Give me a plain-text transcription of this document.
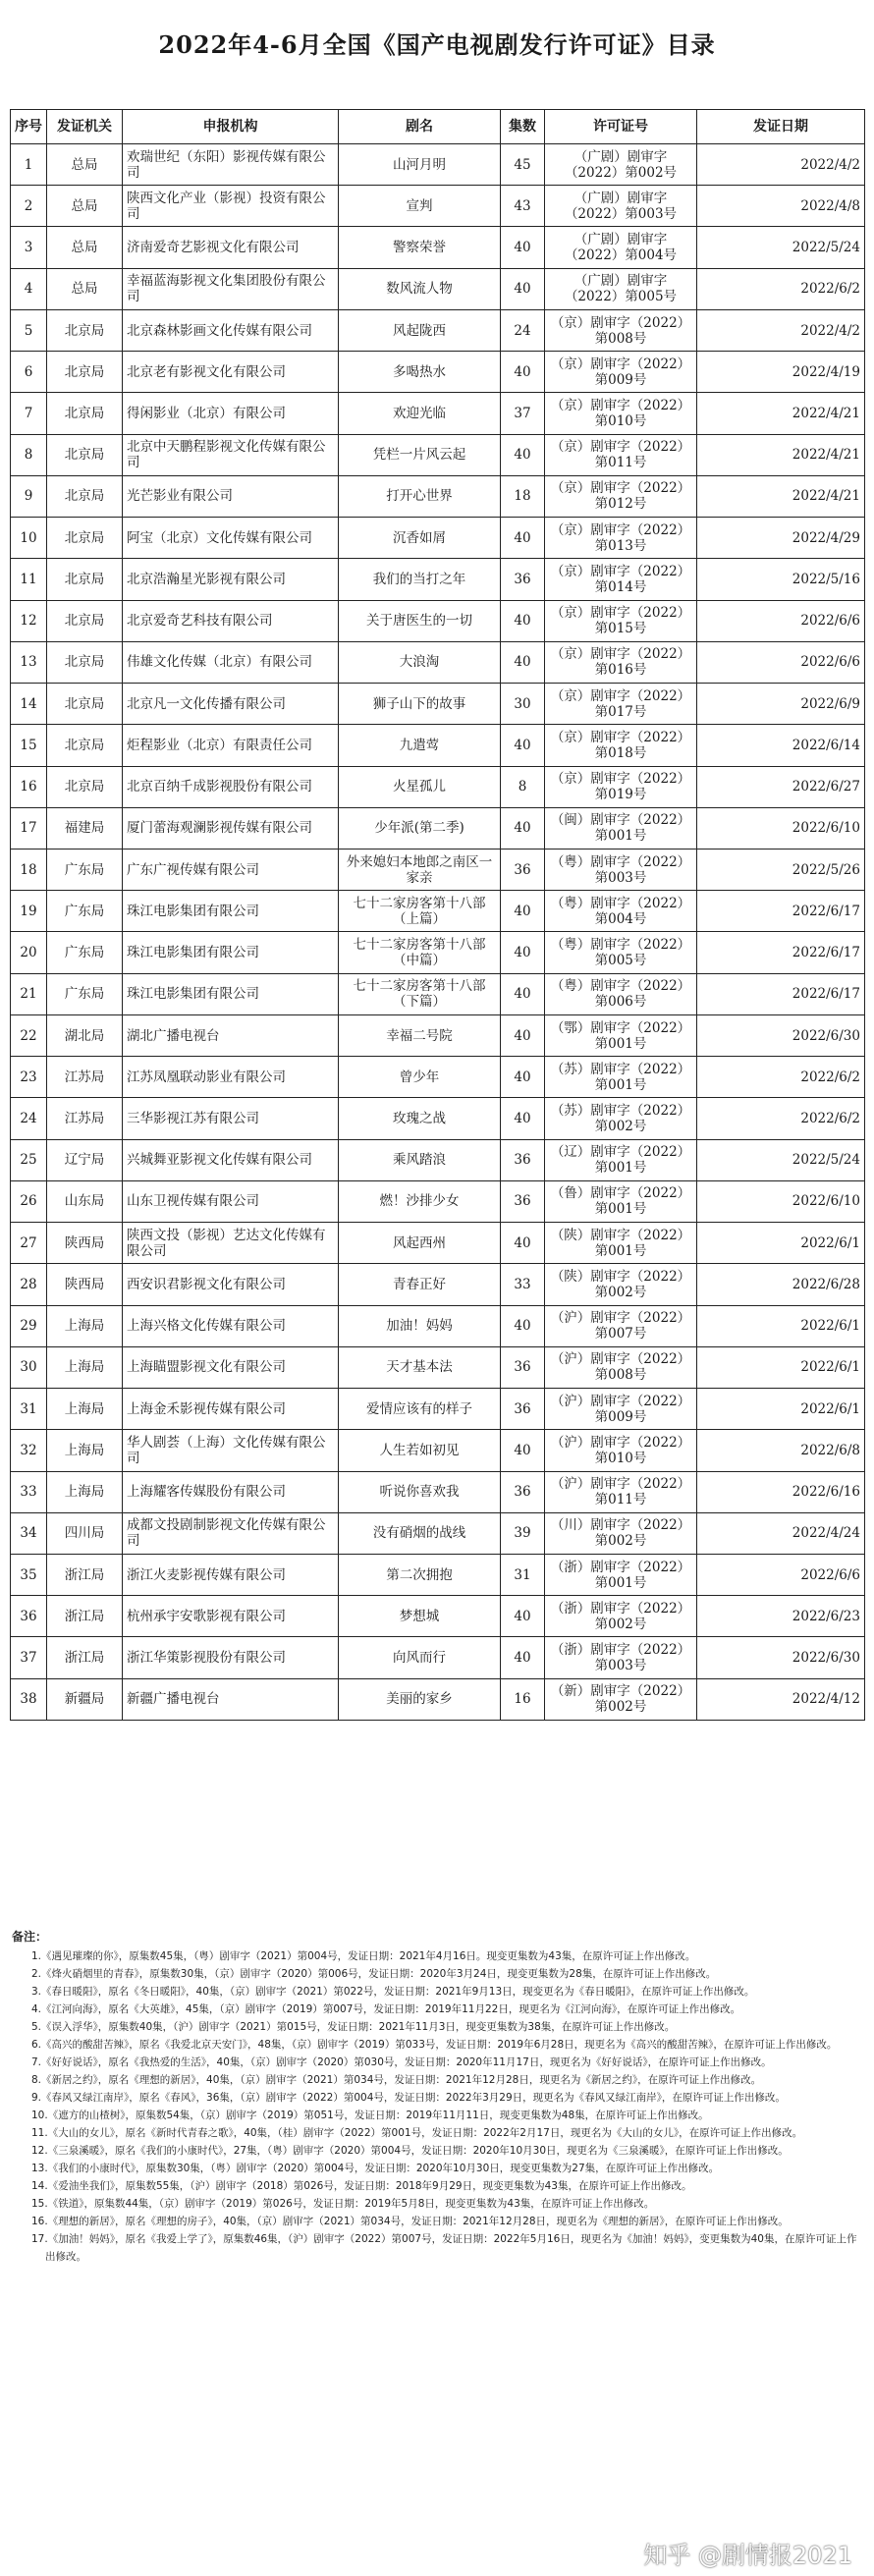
2022年4-6月全国《国产电视剧发行许可证》目录
序号	发证机关	申报机构	剧名	集数	许可证号	发证日期
1	总局	欢瑞世纪（东阳）影视传媒有限公司	山河月明	45	（广剧）剧审字（2022）第002号	2022/4/2
2	总局	陕西文化产业（影视）投资有限公司	宣判	43	（广剧）剧审字（2022）第003号	2022/4/8
3	总局	济南爱奇艺影视文化有限公司	警察荣誉	40	（广剧）剧审字（2022）第004号	2022/5/24
4	总局	幸福蓝海影视文化集团股份有限公司	数风流人物	40	（广剧）剧审字（2022）第005号	2022/6/2
5	北京局	北京森林影画文化传媒有限公司	风起陇西	24	（京）剧审字（2022）第008号	2022/4/2
6	北京局	北京老有影视文化有限公司	多喝热水	40	（京）剧审字（2022）第009号	2022/4/19
7	北京局	得闲影业（北京）有限公司	欢迎光临	37	（京）剧审字（2022）第010号	2022/4/21
8	北京局	北京中天鹏程影视文化传媒有限公司	凭栏一片风云起	40	（京）剧审字（2022）第011号	2022/4/21
9	北京局	光芒影业有限公司	打开心世界	18	（京）剧审字（2022）第012号	2022/4/21
10	北京局	阿宝（北京）文化传媒有限公司	沉香如屑	40	（京）剧审字（2022）第013号	2022/4/29
11	北京局	北京浩瀚星光影视有限公司	我们的当打之年	36	（京）剧审字（2022）第014号	2022/5/16
12	北京局	北京爱奇艺科技有限公司	关于唐医生的一切	40	（京）剧审字（2022）第015号	2022/6/6
13	北京局	伟雄文化传媒（北京）有限公司	大浪淘	40	（京）剧审字（2022）第016号	2022/6/6
14	北京局	北京凡一文化传播有限公司	狮子山下的故事	30	（京）剧审字（2022）第017号	2022/6/9
15	北京局	炬程影业（北京）有限责任公司	九遣莺	40	（京）剧审字（2022）第018号	2022/6/14
16	北京局	北京百纳千成影视股份有限公司	火星孤儿	8	（京）剧审字（2022）第019号	2022/6/27
17	福建局	厦门蕾海观澜影视传媒有限公司	少年派(第二季)	40	（闽）剧审字（2022）第001号	2022/6/10
18	广东局	广东广视传媒有限公司	外来媳妇本地郎之南区一家亲	36	（粤）剧审字（2022）第003号	2022/5/26
19	广东局	珠江电影集团有限公司	七十二家房客第十八部（上篇）	40	（粤）剧审字（2022）第004号	2022/6/17
20	广东局	珠江电影集团有限公司	七十二家房客第十八部（中篇）	40	（粤）剧审字（2022）第005号	2022/6/17
21	广东局	珠江电影集团有限公司	七十二家房客第十八部（下篇）	40	（粤）剧审字（2022）第006号	2022/6/17
22	湖北局	湖北广播电视台	幸福二号院	40	（鄂）剧审字（2022）第001号	2022/6/30
23	江苏局	江苏凤凰联动影业有限公司	曾少年	40	（苏）剧审字（2022）第001号	2022/6/2
24	江苏局	三华影视江苏有限公司	玫瑰之战	40	（苏）剧审字（2022）第002号	2022/6/2
25	辽宁局	兴城舞亚影视文化传媒有限公司	乘风踏浪	36	（辽）剧审字（2022）第001号	2022/5/24
26	山东局	山东卫视传媒有限公司	燃！沙排少女	36	（鲁）剧审字（2022）第001号	2022/6/10
27	陕西局	陕西文投（影视）艺达文化传媒有限公司	风起西州	40	（陕）剧审字（2022）第001号	2022/6/1
28	陕西局	西安识君影视文化有限公司	青春正好	33	（陕）剧审字（2022）第002号	2022/6/28
29	上海局	上海兴格文化传媒有限公司	加油！妈妈	40	（沪）剧审字（2022）第007号	2022/6/1
30	上海局	上海瞄盟影视文化有限公司	天才基本法	36	（沪）剧审字（2022）第008号	2022/6/1
31	上海局	上海金禾影视传媒有限公司	爱情应该有的样子	36	（沪）剧审字（2022）第009号	2022/6/1
32	上海局	华人剧荟（上海）文化传媒有限公司	人生若如初见	40	（沪）剧审字（2022）第010号	2022/6/8
33	上海局	上海耀客传媒股份有限公司	听说你喜欢我	36	（沪）剧审字（2022）第011号	2022/6/16
34	四川局	成都文投剧制影视文化传媒有限公司	没有硝烟的战线	39	（川）剧审字（2022）第002号	2022/4/24
35	浙江局	浙江火麦影视传媒有限公司	第二次拥抱	31	（浙）剧审字（2022）第001号	2022/6/6
36	浙江局	杭州承宇安歌影视有限公司	梦想城	40	（浙）剧审字（2022）第002号	2022/6/23
37	浙江局	浙江华策影视股份有限公司	向风而行	40	（浙）剧审字（2022）第003号	2022/6/30
38	新疆局	新疆广播电视台	美丽的家乡	16	（新）剧审字（2022）第002号	2022/4/12
备注：
1.《遇见璀璨的你》，原集数45集，（粤）剧审字（2021）第004号，发证日期：2021年4月16日。现变更集数为43集，在原许可证上作出修改。
2.《烽火硝烟里的青春》，原集数30集，（京）剧审字（2020）第006号，发证日期：2020年3月24日，现变更集数为28集，在原许可证上作出修改。
3.《春日暖阳》，原名《冬日暖阳》，40集，（京）剧审字（2021）第022号，发证日期：2021年9月13日，现变更名为《春日暖阳》，在原许可证上作出修改。
4.《江河向海》，原名《大英雄》，45集，（京）剧审字（2019）第007号，发证日期：2019年11月22日，现更名为《江河向海》，在原许可证上作出修改。
5.《误入浮华》，原集数40集，（沪）剧审字（2021）第015号，发证日期：2021年11月3日，现变更集数为38集，在原许可证上作出修改。
6.《高兴的酸甜苦辣》，原名《我爱北京天安门》，48集，（京）剧审字（2019）第033号，发证日期：2019年6月28日，现更名为《高兴的酸甜苦辣》，在原许可证上作出修改。
7.《好好说话》，原名《我热爱的生活》，40集，（京）剧审字（2020）第030号，发证日期：2020年11月17日，现更名为《好好说话》，在原许可证上作出修改。
8.《新居之约》，原名《理想的新居》，40集，（京）剧审字（2021）第034号，发证日期：2021年12月28日，现更名为《新居之约》，在原许可证上作出修改。
9.《春风又绿江南岸》，原名《春风》，36集，（京）剧审字（2022）第004号，发证日期：2022年3月29日，现更名为《春风又绿江南岸》，在原许可证上作出修改。
10.《遮方的山楂树》，原集数54集，（京）剧审字（2019）第051号，发证日期：2019年11月11日，现变更集数为48集，在原许可证上作出修改。
11.《大山的女儿》，原名《新时代青春之歌》，40集，（桂）剧审字（2022）第001号，发证日期：2022年2月17日，现更名为《大山的女儿》，在原许可证上作出修改。
12.《三泉溪暖》，原名《我们的小康时代》，27集，（粤）剧审字（2020）第004号，发证日期：2020年10月30日，现更名为《三泉溪暖》，在原许可证上作出修改。
13.《我们的小康时代》，原集数30集，（粤）剧审字（2020）第004号，发证日期：2020年10月30日，现变更集数为27集，在原许可证上作出修改。
14.《爱油坐我们》，原集数55集，（沪）剧审字（2018）第026号，发证日期：2018年9月29日，现变更集数为43集，在原许可证上作出修改。
15.《铁道》，原集数44集，（京）剧审字（2019）第026号，发证日期：2019年5月8日，现变更集数为43集，在原许可证上作出修改。
16.《理想的新居》，原名《理想的房子》，40集，（京）剧审字（2021）第034号，发证日期：2021年12月28日，现更名为《理想的新居》，在原许可证上作出修改。
17.《加油！妈妈》，原名《我爱上学了》，原集数46集，（沪）剧审字（2022）第007号，发证日期：2022年5月16日，现更名为《加油！妈妈》，变更集数为40集，在原许可证上作出修改。
知乎 @剧情报2021
